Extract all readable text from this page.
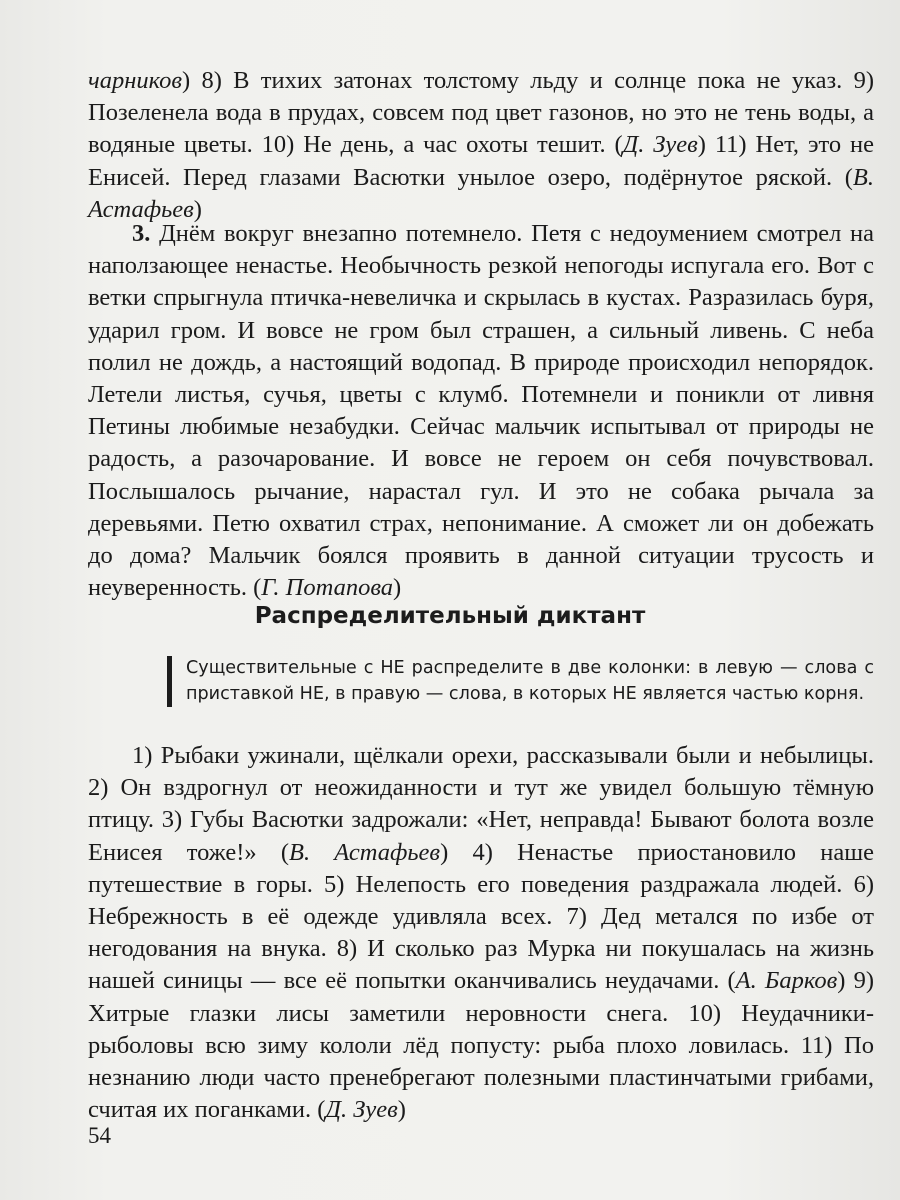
чарников) 8) В тихих затонах толстому льду и солнце пока не указ. 9) Позеленела вода в прудах, совсем под цвет газонов, но это не тень воды, а водяные цветы. 10) Не день, а час охоты тешит. (Д. Зуев) 11) Нет, это не Енисей. Перед глазами Васютки унылое озеро, подёрнутое ряской. (В. Астафьев)

3. Днём вокруг внезапно потемнело. Петя с недоумением смотрел на наползающее ненастье. Необычность резкой непогоды испугала его. Вот с ветки спрыгнула птичка-невеличка и скрылась в кустах. Разразилась буря, ударил гром. И вовсе не гром был страшен, а сильный ливень. С неба полил не дождь, а настоящий водопад. В природе происходил непорядок. Летели листья, сучья, цветы с клумб. Потемнели и поникли от ливня Петины любимые незабудки. Сейчас мальчик испытывал от природы не радость, а разочарование. И вовсе не героем он себя почувствовал. Послышалось рычание, нарастал гул. И это не собака рычала за деревьями. Петю охватил страх, непонимание. А сможет ли он добежать до дома? Мальчик боялся проявить в данной ситуации трусость и неуверенность. (Г. Потапова)

Распределительный диктант

Существительные с НЕ распределите в две колонки: в левую — слова с приставкой НЕ, в правую — слова, в которых НЕ является частью корня.

1) Рыбаки ужинали, щёлкали орехи, рассказывали были и небылицы. 2) Он вздрогнул от неожиданности и тут же увидел большую тёмную птицу. 3) Губы Васютки задрожали: «Нет, неправда! Бывают болота возле Енисея тоже!» (В. Астафьев) 4) Ненастье приостановило наше путешествие в горы. 5) Нелепость его поведения раздражала людей. 6) Небрежность в её одежде удивляла всех. 7) Дед метался по избе от негодования на внука. 8) И сколько раз Мурка ни покушалась на жизнь нашей синицы — все её попытки оканчивались неудачами. (А. Барков) 9) Хитрые глазки лисы заметили неровности снега. 10) Неудачники-рыболовы всю зиму кололи лёд попусту: рыба плохо ловилась. 11) По незнанию люди часто пренебрегают полезными пластинчатыми грибами, считая их поганками. (Д. Зуев)

54
